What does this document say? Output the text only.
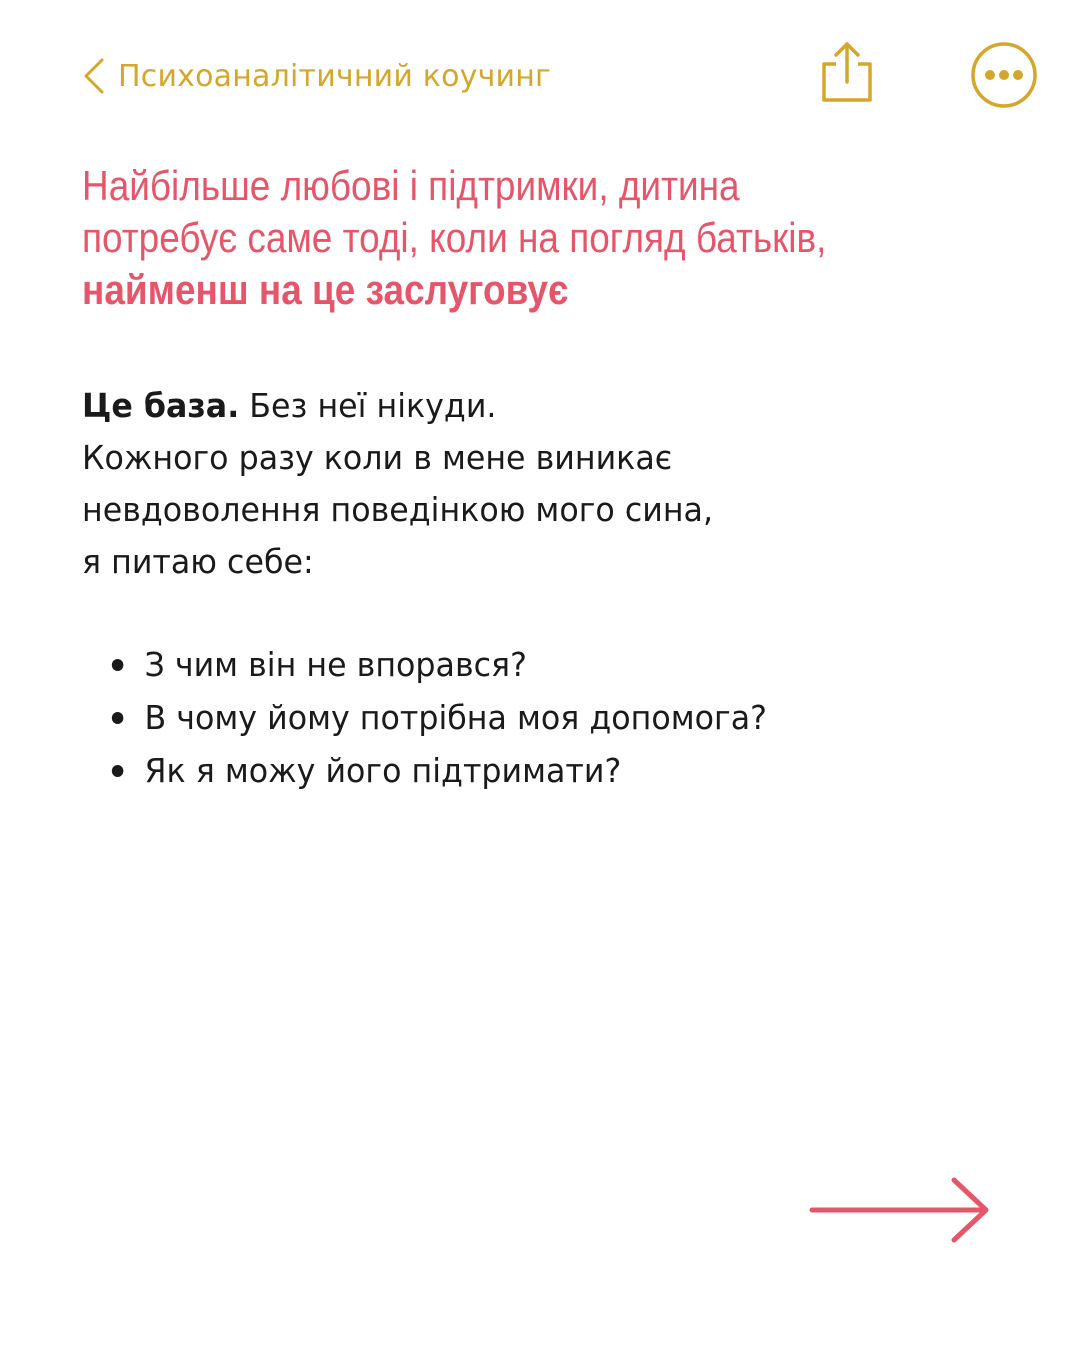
Психоаналітичний коучинг
Найбільше любові і підтримки, дитина
потребує саме тоді, коли на погляд батьків,
найменш на це заслуговує
Це база. Без неї нікуди.
Кожного разу коли в мене виникає
невдоволення поведінкою мого сина,
я питаю себе:
З чим він не впорався?
В чому йому потрібна моя допомога?
Як я можу його підтримати?
